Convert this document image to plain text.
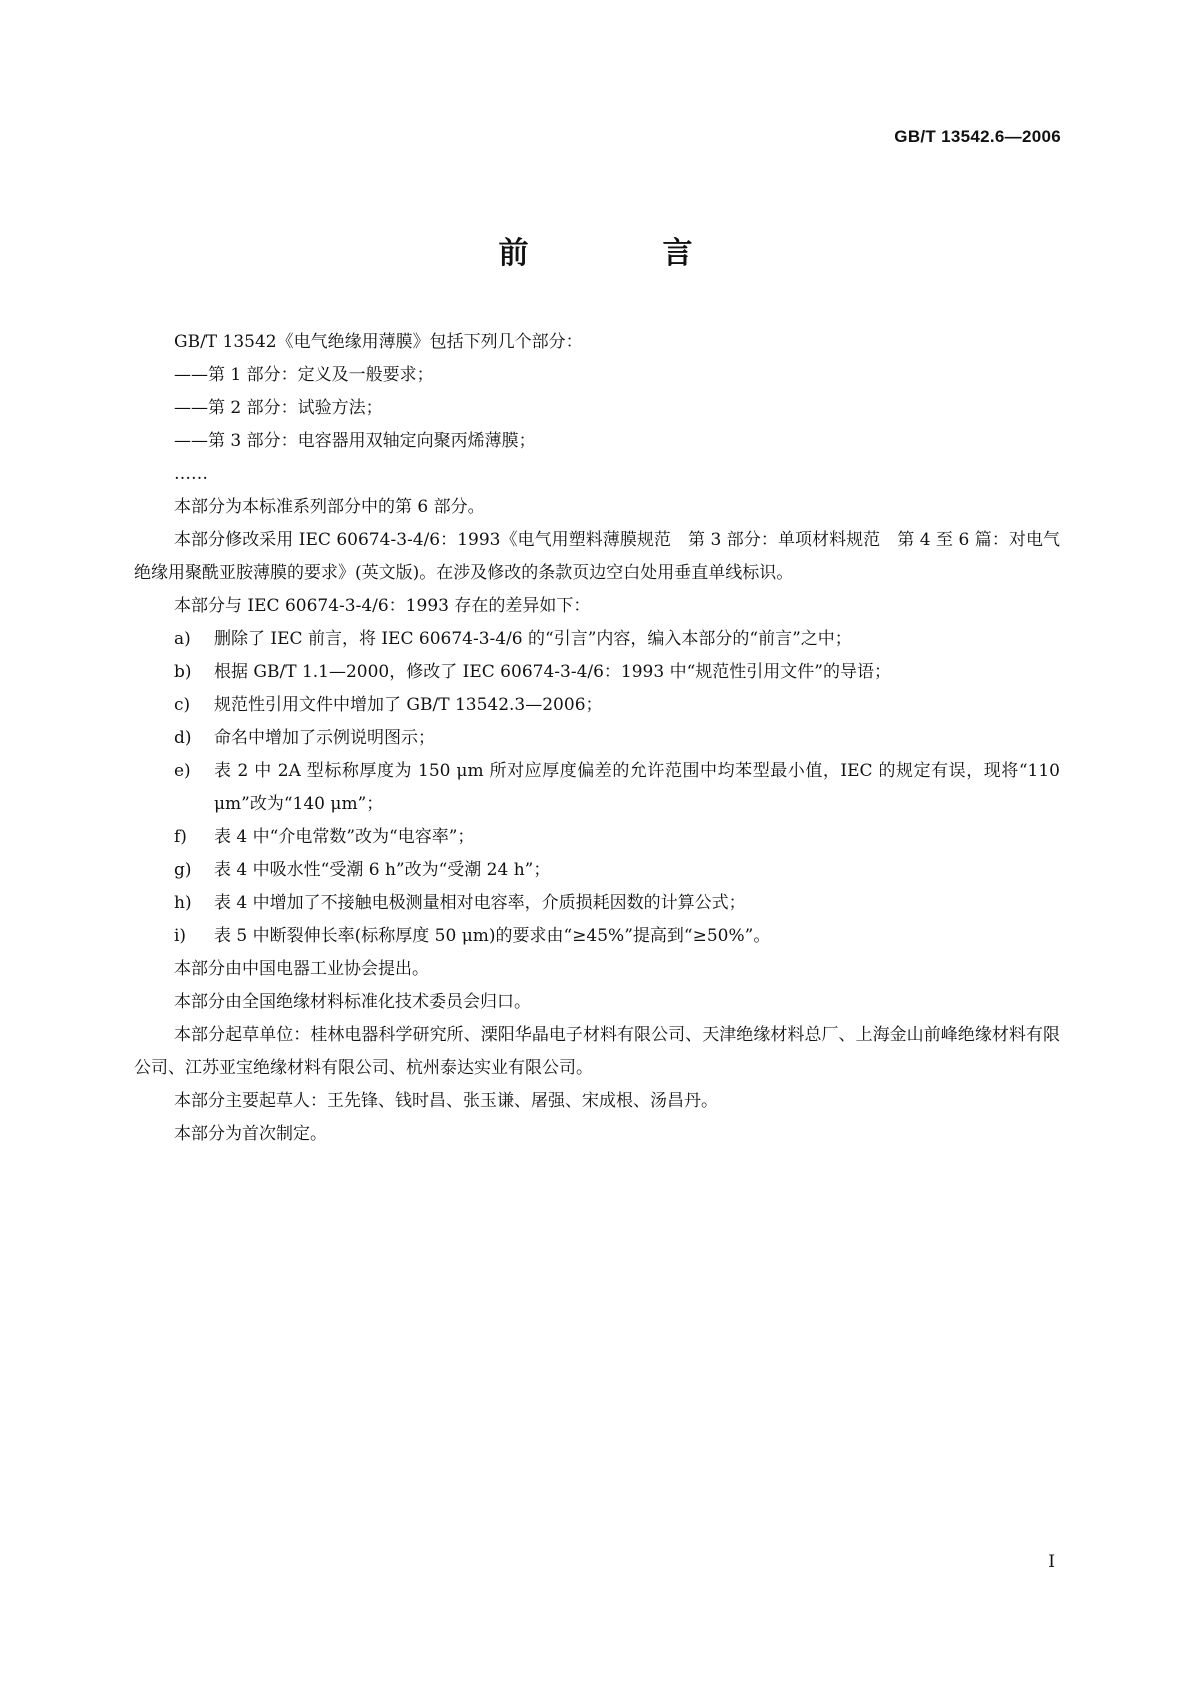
GB/T 13542.6—2006
前　言

GB/T 13542《电气绝缘用薄膜》包括下列几个部分：

——第 1 部分：定义及一般要求；

——第 2 部分：试验方法；

——第 3 部分：电容器用双轴定向聚丙烯薄膜；

……

本部分为本标准系列部分中的第 6 部分。

本部分修改采用 IEC 60674-3-4/6：1993《电气用塑料薄膜规范　第 3 部分：单项材料规范　第 4 至 6 篇：对电气绝缘用聚酰亚胺薄膜的要求》(英文版)。在涉及修改的条款页边空白处用垂直单线标识。

本部分与 IEC 60674-3-4/6：1993 存在的差异如下：

a) 删除了 IEC 前言，将 IEC 60674-3-4/6 的“引言”内容，编入本部分的“前言”之中；

b) 根据 GB/T 1.1—2000，修改了 IEC 60674-3-4/6：1993 中“规范性引用文件”的导语；

c) 规范性引用文件中增加了 GB/T 13542.3—2006；

d) 命名中增加了示例说明图示；

e) 表 2 中 2A 型标称厚度为 150 μm 所对应厚度偏差的允许范围中均苯型最小值，IEC 的规定有误，现将“110 μm”改为“140 μm”；

f) 表 4 中“介电常数”改为“电容率”；

g) 表 4 中吸水性“受潮 6 h”改为“受潮 24 h”；

h) 表 4 中增加了不接触电极测量相对电容率，介质损耗因数的计算公式；

i) 表 5 中断裂伸长率(标称厚度 50 μm)的要求由“≥45%”提高到“≥50%”。

本部分由中国电器工业协会提出。

本部分由全国绝缘材料标准化技术委员会归口。

本部分起草单位：桂林电器科学研究所、溧阳华晶电子材料有限公司、天津绝缘材料总厂、上海金山前峰绝缘材料有限公司、江苏亚宝绝缘材料有限公司、杭州泰达实业有限公司。

本部分主要起草人：王先锋、钱时昌、张玉谦、屠强、宋成根、汤昌丹。

本部分为首次制定。

I
